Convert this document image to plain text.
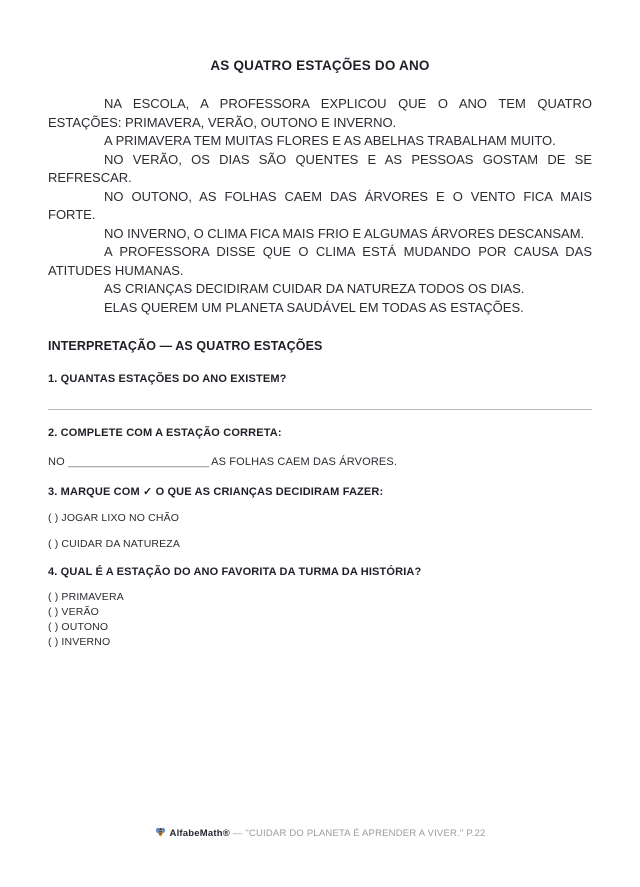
AS QUATRO ESTAÇÕES DO ANO

NA ESCOLA, A PROFESSORA EXPLICOU QUE O ANO TEM QUATRO ESTAÇÕES: PRIMAVERA, VERÃO, OUTONO E INVERNO.

A PRIMAVERA TEM MUITAS FLORES E AS ABELHAS TRABALHAM MUITO.

NO VERÃO, OS DIAS SÃO QUENTES E AS PESSOAS GOSTAM DE SE REFRESCAR.

NO OUTONO, AS FOLHAS CAEM DAS ÁRVORES E O VENTO FICA MAIS FORTE.

NO INVERNO, O CLIMA FICA MAIS FRIO E ALGUMAS ÁRVORES DESCANSAM.

A PROFESSORA DISSE QUE O CLIMA ESTÁ MUDANDO POR CAUSA DAS ATITUDES HUMANAS.

AS CRIANÇAS DECIDIRAM CUIDAR DA NATUREZA TODOS OS DIAS.

ELAS QUEREM UM PLANETA SAUDÁVEL EM TODAS AS ESTAÇÕES.

INTERPRETAÇÃO — AS QUATRO ESTAÇÕES
1. QUANTAS ESTAÇÕES DO ANO EXISTEM?
2. COMPLETE COM A ESTAÇÃO CORRETA:
NO _________________________ AS FOLHAS CAEM DAS ÁRVORES.
3. MARQUE COM ✓ O QUE AS CRIANÇAS DECIDIRAM FAZER:
( ) JOGAR LIXO NO CHÃO
( ) CUIDAR DA NATUREZA
4. QUAL É A ESTAÇÃO DO ANO FAVORITA DA TURMA DA HISTÓRIA?
( ) PRIMAVERA
( ) VERÃO
( ) OUTONO
( ) INVERNO
AlfabeMath® — "CUIDAR DO PLANETA É APRENDER A VIVER." P.22
